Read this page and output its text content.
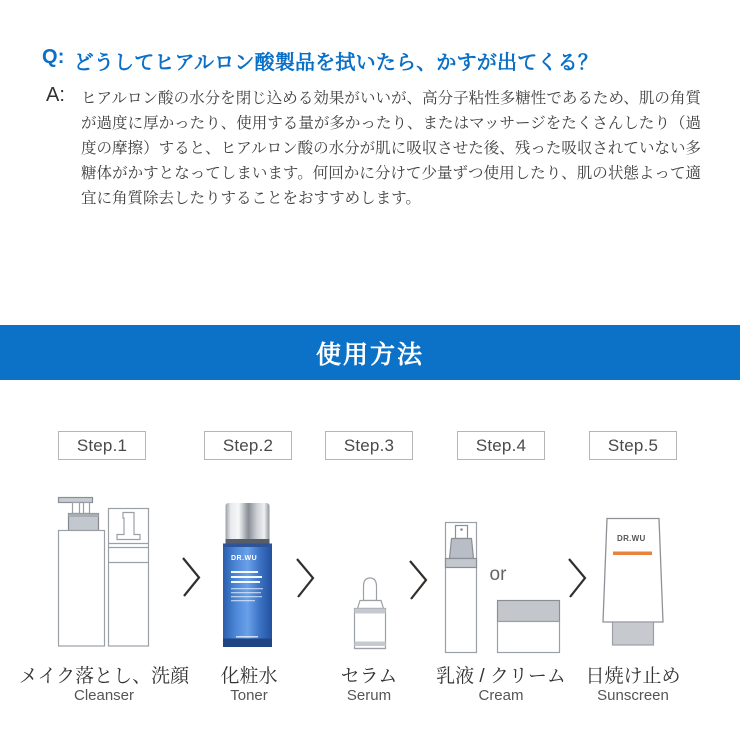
Q: どうしてヒアルロン酸製品を拭いたら、かすが出てくる？
A: ヒアルロン酸の水分を閉じ込める効果がいいが、高分子粘性多糖性であるため、肌の角質が過度に厚かったり、使用する量が多かったり、またはマッサージをたくさんしたり（過度の摩擦）すると、ヒアルロン酸の水分が肌に吸収させた後、残った吸収されていない多糖体がかすとなってしまいます。何回かに分けて少量ずつ使用したり、肌の状態よって適宜に角質除去したりすることをおすすめします。
使用方法
DR.WU
DR.WU
Step.1	Step.2	Step.3	Step.4	Step.5
or
メイク落とし、洗顔	化粧水	セラム	乳液 / クリーム	日焼け止め
Cleanser	Toner	Serum	Cream	Sunscreen
